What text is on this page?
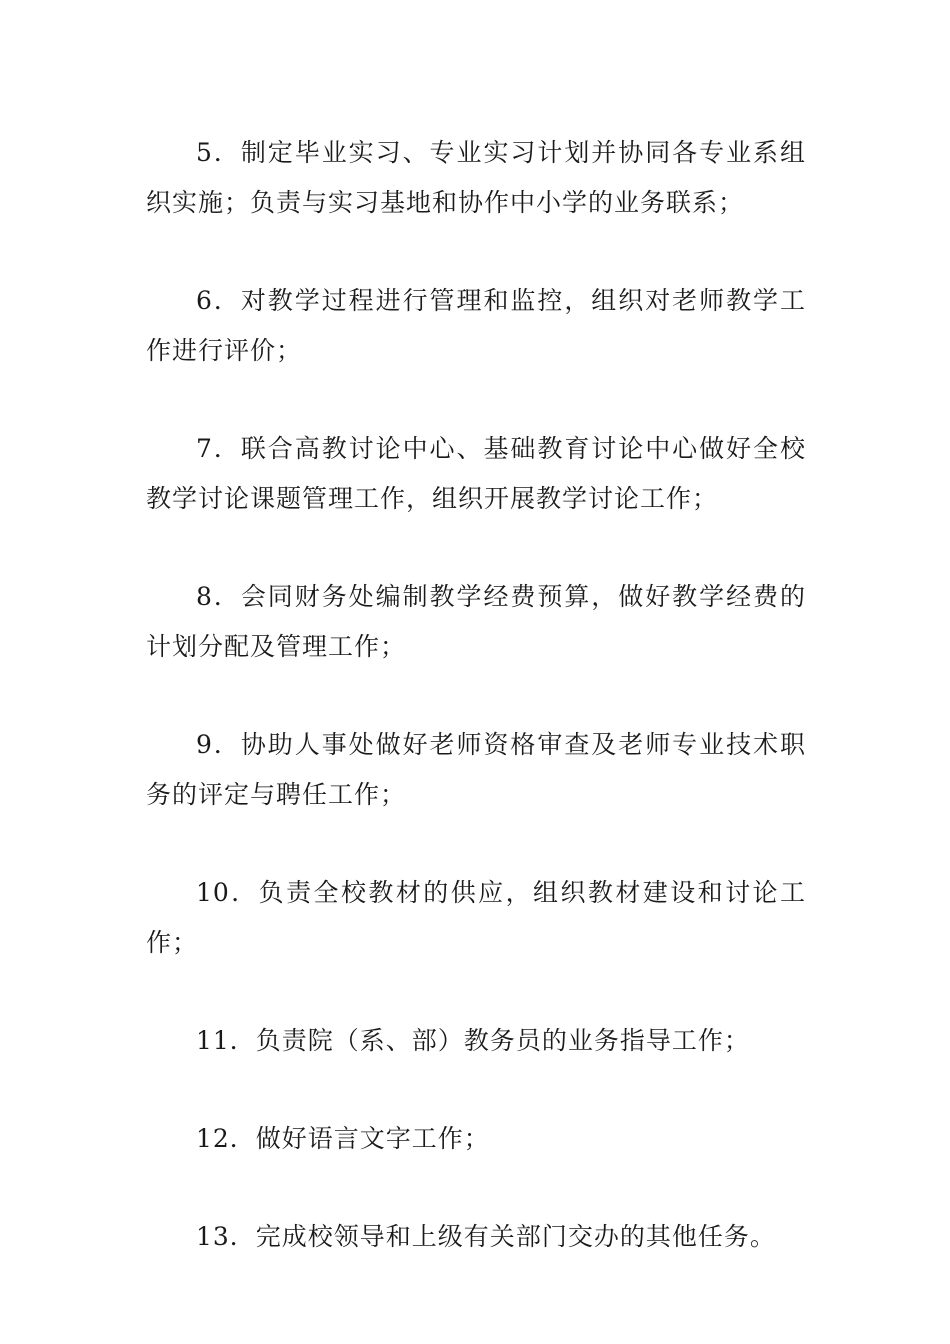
5．制定毕业实习、专业实习计划并协同各专业系组织实施；负责与实习基地和协作中小学的业务联系；

6．对教学过程进行管理和监控，组织对老师教学工作进行评价；

7．联合高教讨论中心、基础教育讨论中心做好全校教学讨论课题管理工作，组织开展教学讨论工作；

8．会同财务处编制教学经费预算，做好教学经费的计划分配及管理工作；

9．协助人事处做好老师资格审查及老师专业技术职务的评定与聘任工作；

10．负责全校教材的供应，组织教材建设和讨论工作；

11．负责院（系、部）教务员的业务指导工作；

12．做好语言文字工作；

13．完成校领导和上级有关部门交办的其他任务。
